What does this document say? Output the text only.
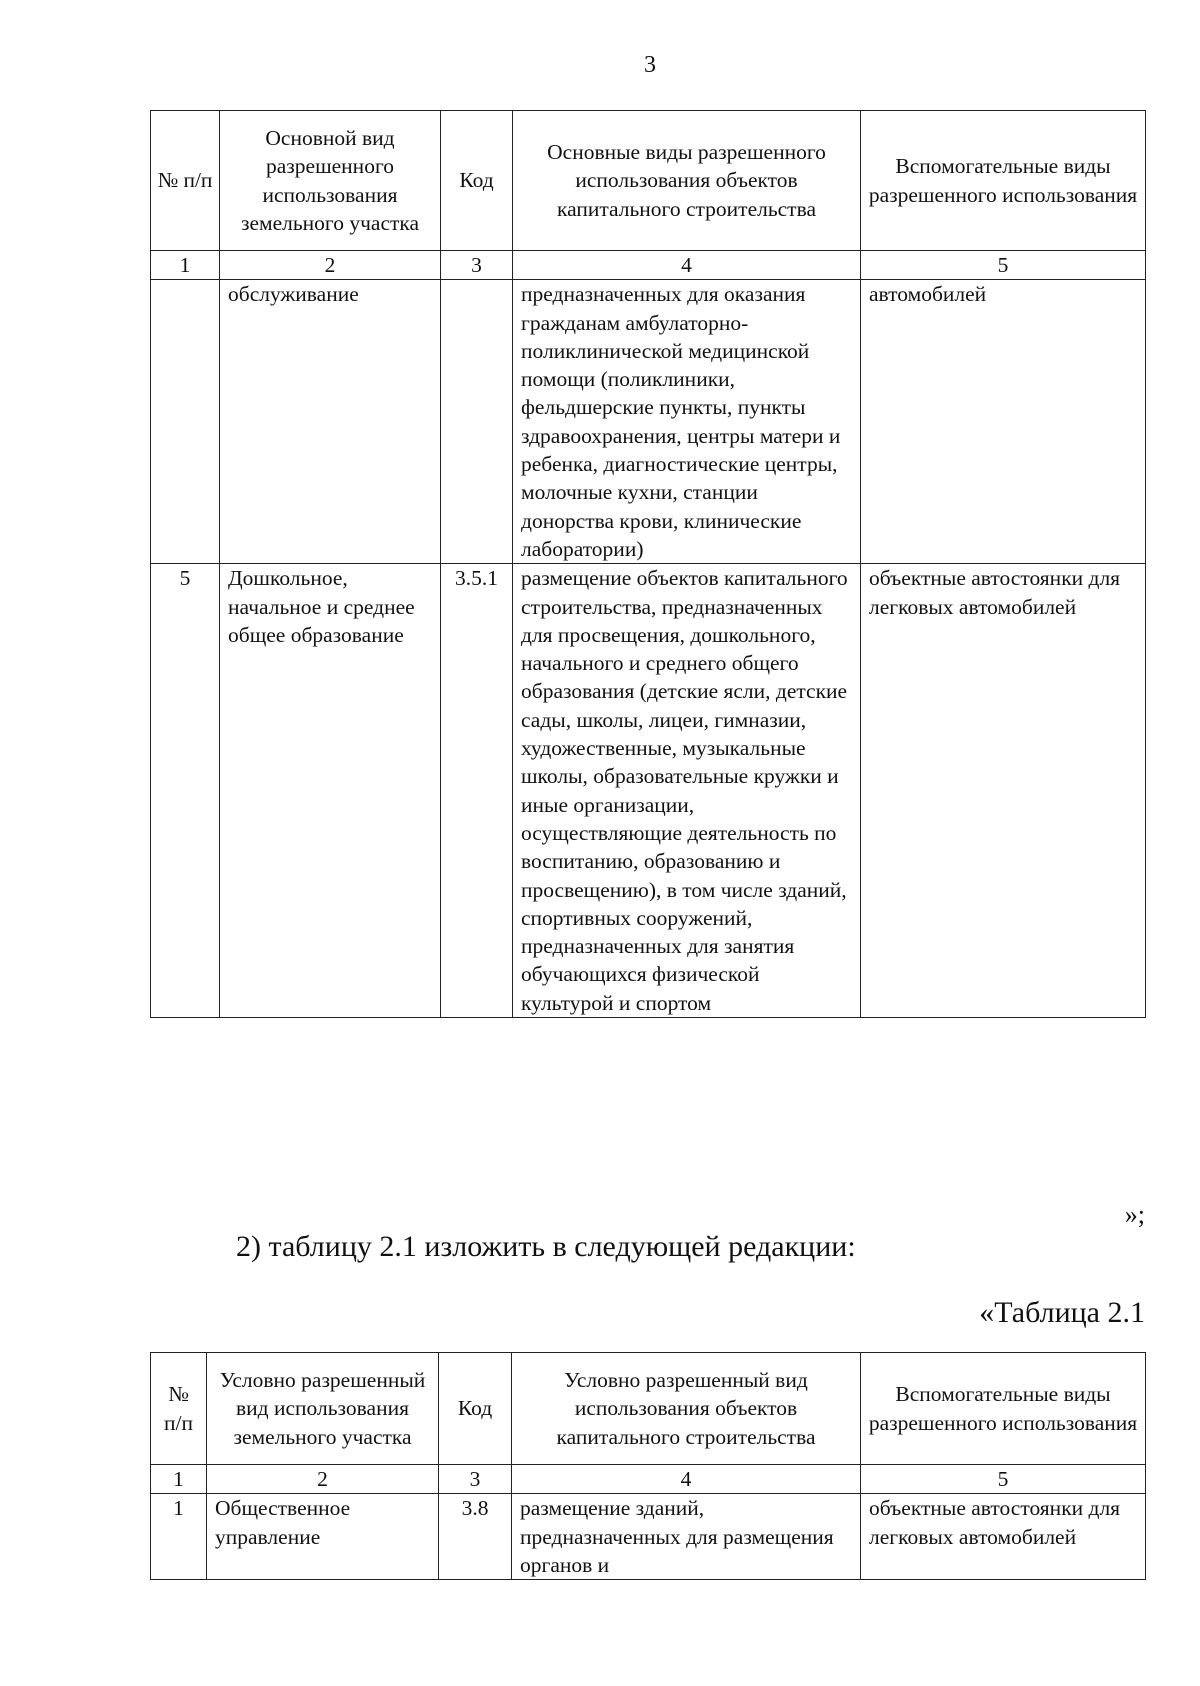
3
№ п/п	Основной вид разрешенного использования земельного участка	Код	Основные виды разрешенного использования объектов капитального строительства	Вспомогательные виды разрешенного использования
1	2	3	4	5
	обслуживание		предназначенных для оказания гражданам амбулаторно-поликлинической медицинской помощи (поликлиники, фельдшерские пункты, пункты здравоохранения, центры матери и ребенка, диагностические центры, молочные кухни, станции донорства крови, клинические лаборатории)	автомобилей
5	Дошкольное, начальное и среднее общее образование	3.5.1	размещение объектов капитального строительства, предназначенных для просвещения, дошкольного, начального и среднего общего образования (детские ясли, детские сады, школы, лицеи, гимназии, художественные, музыкальные школы, образовательные кружки и иные организации, осуществляющие деятельность по воспитанию, образованию и просвещению), в том числе зданий, спортивных сооружений, предназначенных для занятия обучающихся физической культурой и спортом	объектные автостоянки для легковых автомобилей
»;
2) таблицу 2.1 изложить в следующей редакции:
«Таблица 2.1
№ п/п	Условно разрешенный вид использования земельного участка	Код	Условно разрешенный вид использования объектов капитального строительства	Вспомогательные виды разрешенного использования
1	2	3	4	5
1	Общественное управление	3.8	размещение зданий, предназначенных для размещения органов и	объектные автостоянки для легковых автомобилей
